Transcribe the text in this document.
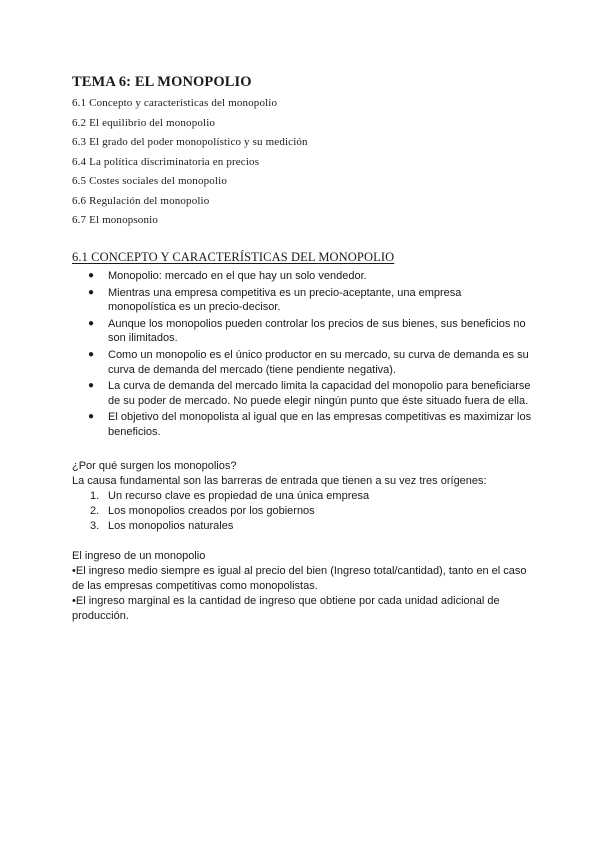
TEMA 6: EL MONOPOLIO
6.1 Concepto y características del monopolio
6.2 El equilibrio del monopolio
6.3 El grado del poder monopolístico y su medición
6.4 La política discriminatoria en precios
6.5 Costes sociales del monopolio
6.6 Regulación del monopolio
6.7 El monopsonio
6.1 CONCEPTO Y CARACTERÍSTICAS DEL MONOPOLIO
● Monopolio: mercado en el que hay un solo vendedor.
● Mientras una empresa competitiva es un precio-aceptante, una empresa monopolística es un precio-decisor.
● Aunque los monopolios pueden controlar los precios de sus bienes, sus beneficios no son ilimitados.
● Como un monopolio es el único productor en su mercado, su curva de demanda es su curva de demanda del mercado (tiene pendiente negativa).
● La curva de demanda del mercado limita la capacidad del monopolio para beneficiarse de su poder de mercado. No puede elegir ningún punto que éste situado fuera de ella.
● El objetivo del monopolista al igual que en las empresas competitivas es maximizar los beneficios.

¿Por qué surgen los monopolios?

La causa fundamental son las barreras de entrada que tienen a su vez tres orígenes:

1. Un recurso clave es propiedad de una única empresa
2. Los monopolios creados por los gobiernos
3. Los monopolios naturales

El ingreso de un monopolio

•El ingreso medio siempre es igual al precio del bien (Ingreso total/cantidad), tanto en el caso de las empresas competitivas como monopolistas.

•El ingreso marginal es la cantidad de ingreso que obtiene por cada unidad adicional de producción.
